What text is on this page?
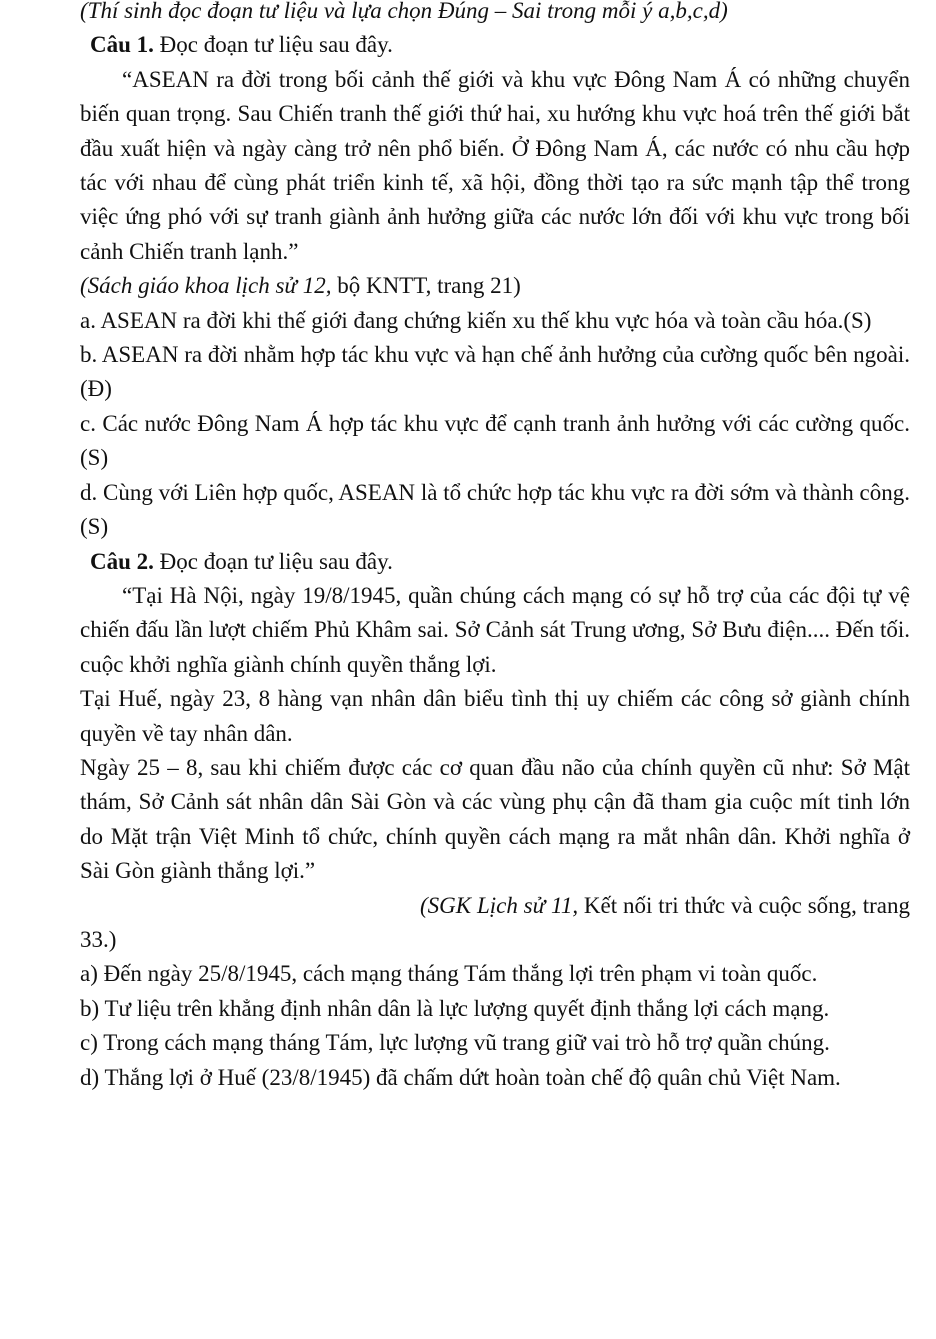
(Thí sinh đọc đoạn tư liệu và lựa chọn Đúng – Sai trong mỗi ý a,b,c,d)

Câu 1. Đọc đoạn tư liệu sau đây.

“ASEAN ra đời trong bối cảnh thế giới và khu vực Đông Nam Á có những chuyển biến quan trọng. Sau Chiến tranh thế giới thứ hai, xu hướng khu vực hoá trên thế giới bắt đầu xuất hiện và ngày càng trở nên phổ biến. Ở Đông Nam Á, các nước có nhu cầu hợp tác với nhau để cùng phát triển kinh tế, xã hội, đồng thời tạo ra sức mạnh tập thể trong việc ứng phó với sự tranh giành ảnh hưởng giữa các nước lớn đối với khu vực trong bối cảnh Chiến tranh lạnh.”

(Sách giáo khoa lịch sử 12, bộ KNTT, trang 21)

a. ASEAN ra đời khi thế giới đang chứng kiến xu thế khu vực hóa và toàn cầu hóa.(S)

b. ASEAN ra đời nhằm hợp tác khu vực và hạn chế ảnh hưởng của cường quốc bên ngoài.(Đ)

c. Các nước Đông Nam Á hợp tác khu vực để cạnh tranh ảnh hưởng với các cường quốc.(S)

d. Cùng với Liên hợp quốc, ASEAN là tổ chức hợp tác khu vực ra đời sớm và thành công.(S)

Câu 2. Đọc đoạn tư liệu sau đây.

“Tại Hà Nội, ngày 19/8/1945, quần chúng cách mạng có sự hỗ trợ của các đội tự vệ chiến đấu lần lượt chiếm Phủ Khâm sai. Sở Cảnh sát Trung ương, Sở Bưu điện.... Đến tối. cuộc khởi nghĩa giành chính quyền thắng lợi.

Tại Huế, ngày 23, 8 hàng vạn nhân dân biểu tình thị uy chiếm các công sở giành chính quyền về tay nhân dân.

Ngày 25 – 8, sau khi chiếm được các cơ quan đầu não của chính quyền cũ như: Sở Mật thám, Sở Cảnh sát nhân dân Sài Gòn và các vùng phụ cận đã tham gia cuộc mít tinh lớn do Mặt trận Việt Minh tổ chức, chính quyền cách mạng ra mắt nhân dân. Khởi nghĩa ở Sài Gòn giành thắng lợi.”

(SGK Lịch sử 11, Kết nối tri thức và cuộc sống, trang 33.)

a) Đến ngày 25/8/1945, cách mạng tháng Tám thắng lợi trên phạm vi toàn quốc.

b) Tư liệu trên khẳng định nhân dân là lực lượng quyết định thắng lợi cách mạng.

c) Trong cách mạng tháng Tám, lực lượng vũ trang giữ vai trò hỗ trợ quần chúng.

d) Thắng lợi ở Huế (23/8/1945) đã chấm dứt hoàn toàn chế độ quân chủ Việt Nam.
